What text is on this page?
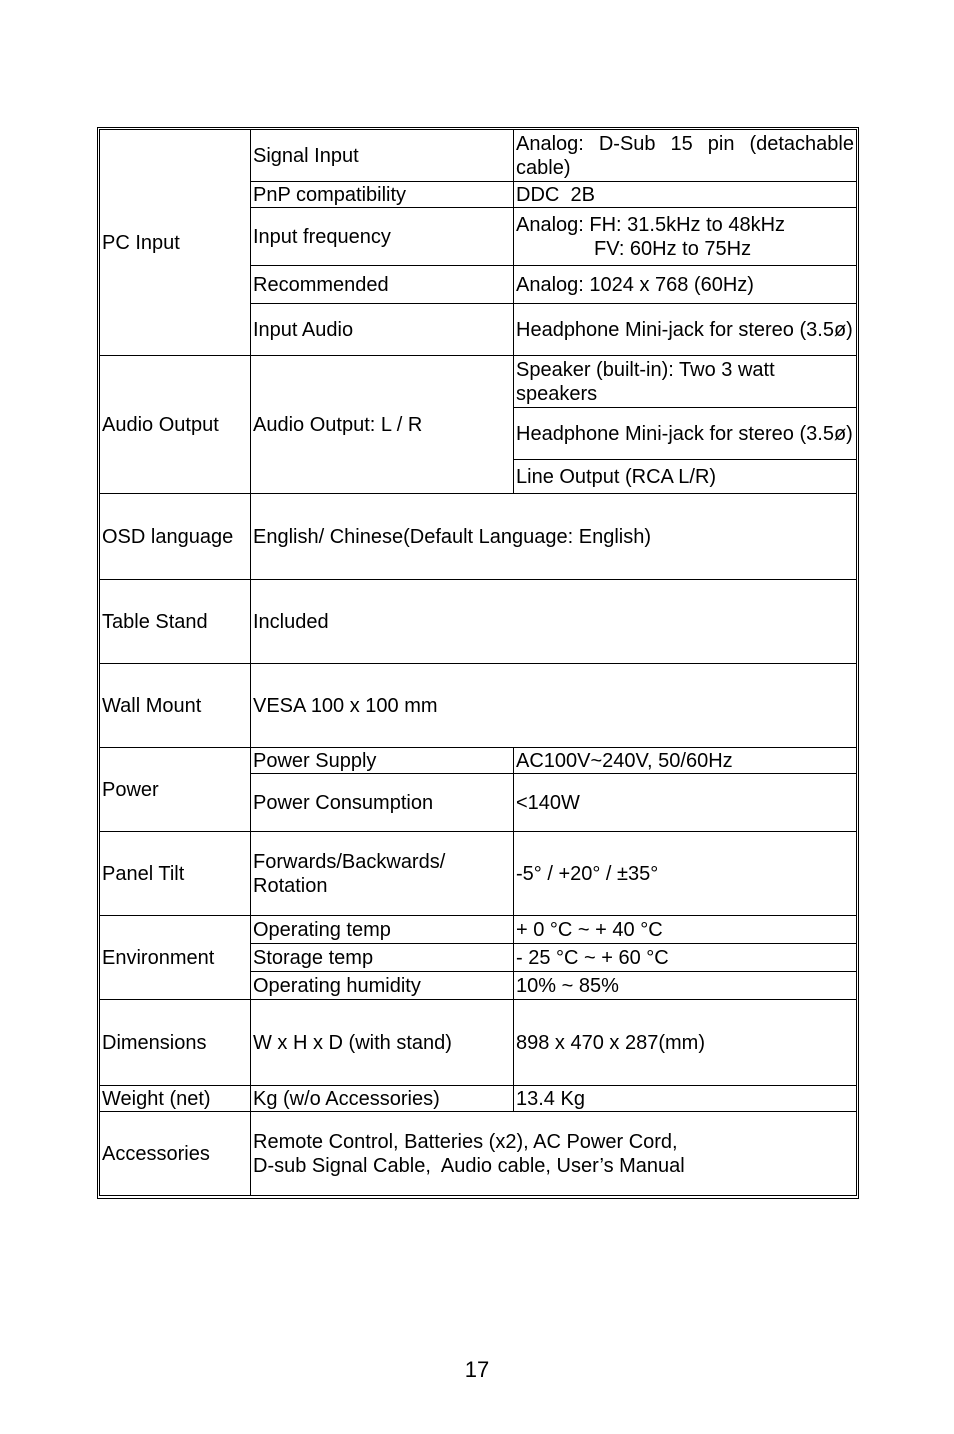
PC Input	Signal Input	Analog: D-Sub 15 pin (detachable cable)
	PnP compatibility	DDC  2B
	Input frequency	Analog: FH: 31.5kHz to 48kHz
FV: 60Hz to 75Hz
	Recommended	Analog: 1024 x 768 (60Hz)
	Input Audio	Headphone Mini-jack for stereo (3.5ø)
Audio Output	Audio Output: L / R	Speaker (built-in): Two 3 watt speakers
		Headphone Mini-jack for stereo (3.5ø)
		Line Output (RCA L/R)
OSD language	English/ Chinese(Default Language: English)	
Table Stand	Included	
Wall Mount	VESA 100 x 100 mm	
Power	Power Supply	AC100V~240V, 50/60Hz
	Power Consumption	<140W
Panel Tilt	Forwards/Backwards/ Rotation	-5° / +20° / ±35°
Environment	Operating temp	+ 0 °C ~ + 40 °C
	Storage temp	- 25 °C ~ + 60 °C
	Operating humidity	10% ~ 85%
Dimensions	W x H x D (with stand)	898 x 470 x 287(mm)
Weight (net)	Kg (w/o Accessories)	13.4 Kg
Accessories	Remote Control, Batteries (x2), AC Power Cord,
D-sub Signal Cable,  Audio cable, User’s Manual	
17
